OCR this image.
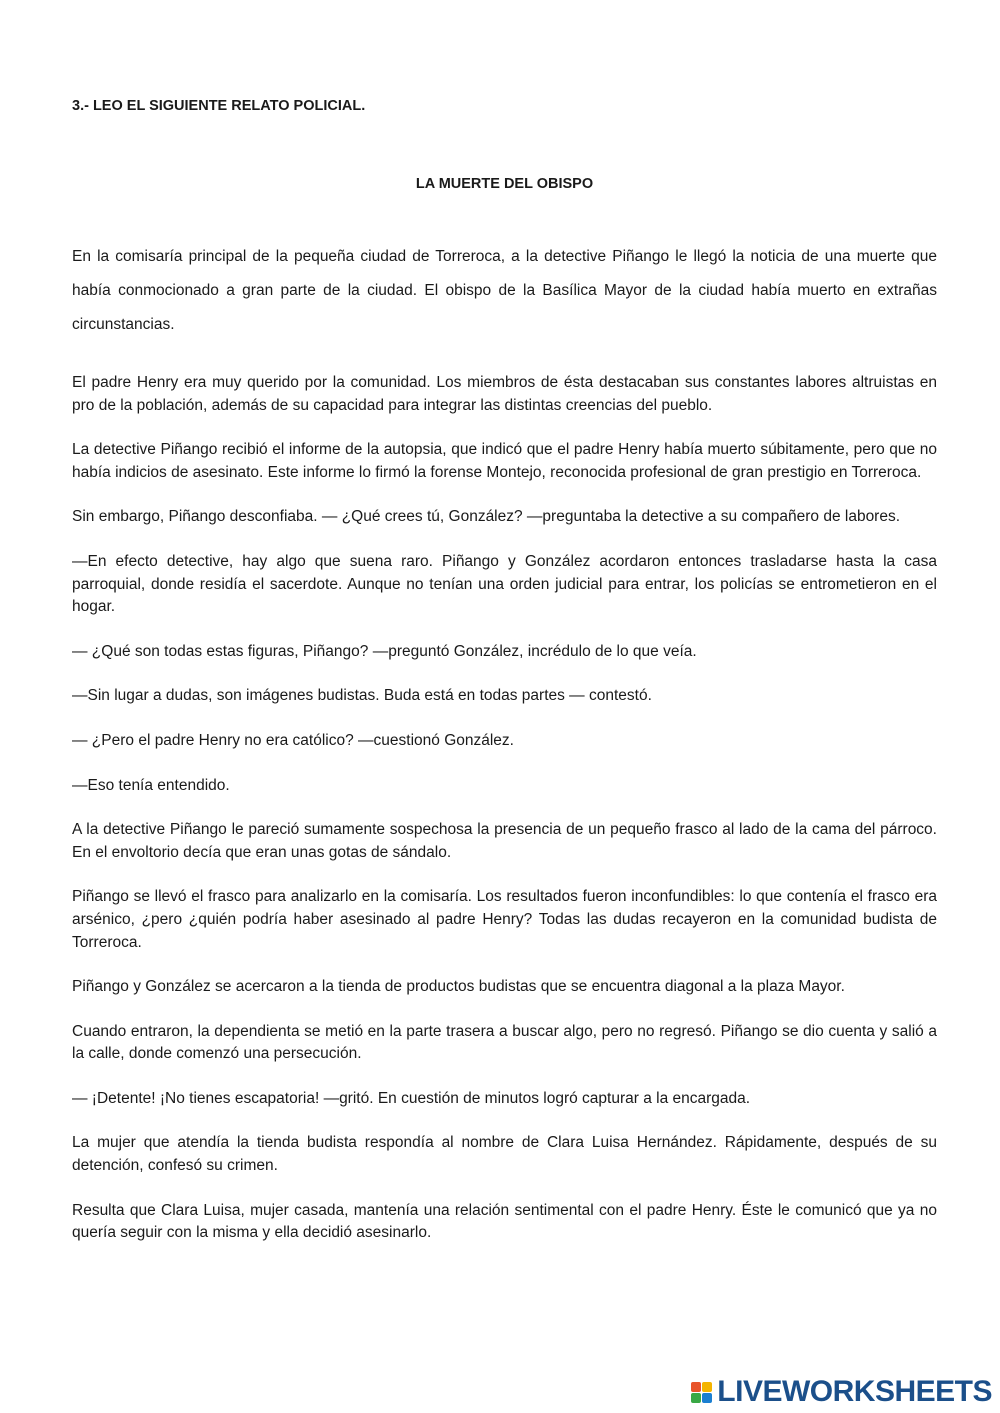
3.- LEO EL SIGUIENTE RELATO POLICIAL.
LA MUERTE DEL OBISPO

En la comisaría principal de la pequeña ciudad de Torreroca, a la detective Piñango le llegó la noticia de una muerte que había conmocionado a gran parte de la ciudad. El obispo de la Basílica Mayor de la ciudad había muerto en extrañas circunstancias.

El padre Henry era muy querido por la comunidad. Los miembros de ésta destacaban sus constantes labores altruistas en pro de la población, además de su capacidad para integrar las distintas creencias del pueblo.

La detective Piñango recibió el informe de la autopsia, que indicó que el padre Henry había muerto súbitamente, pero que no había indicios de asesinato. Este informe lo firmó la forense Montejo, reconocida profesional de gran prestigio en Torreroca.

Sin embargo, Piñango desconfiaba. — ¿Qué crees tú, González? —preguntaba la detective a su compañero de labores.

—En efecto detective, hay algo que suena raro. Piñango y González acordaron entonces trasladarse hasta la casa parroquial, donde residía el sacerdote. Aunque no tenían una orden judicial para entrar, los policías se entrometieron en el hogar.

— ¿Qué son todas estas figuras, Piñango? —preguntó González, incrédulo de lo que veía.

—Sin lugar a dudas, son imágenes budistas. Buda está en todas partes — contestó.

— ¿Pero el padre Henry no era católico? —cuestionó González.

—Eso tenía entendido.

A la detective Piñango le pareció sumamente sospechosa la presencia de un pequeño frasco al lado de la cama del párroco. En el envoltorio decía que eran unas gotas de sándalo.

Piñango se llevó el frasco para analizarlo en la comisaría. Los resultados fueron inconfundibles: lo que contenía el frasco era arsénico, ¿pero ¿quién podría haber asesinado al padre Henry? Todas las dudas recayeron en la comunidad budista de Torreroca.

Piñango y González se acercaron a la tienda de productos budistas que se encuentra diagonal a la plaza Mayor.

Cuando entraron, la dependienta se metió en la parte trasera a buscar algo, pero no regresó. Piñango se dio cuenta y salió a la calle, donde comenzó una persecución.

— ¡Detente! ¡No tienes escapatoria! —gritó. En cuestión de minutos logró capturar a la encargada.

La mujer que atendía la tienda budista respondía al nombre de Clara Luisa Hernández. Rápidamente, después de su detención, confesó su crimen.

Resulta que Clara Luisa, mujer casada, mantenía una relación sentimental con el padre Henry. Éste le comunicó que ya no quería seguir con la misma y ella decidió asesinarlo.

LIVEWORKSHEETS
